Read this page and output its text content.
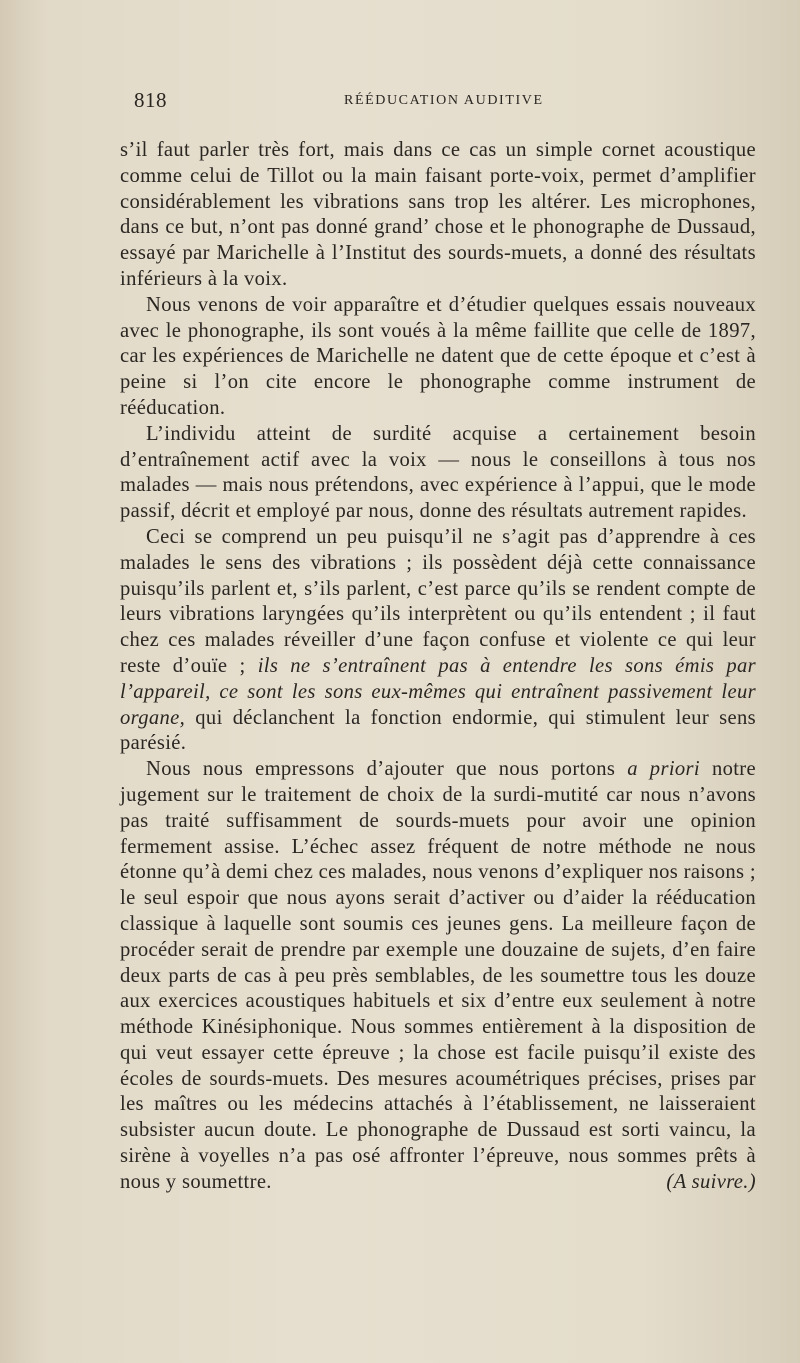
818	RÉÉDUCATION AUDITIVE

s’il faut parler très fort, mais dans ce cas un simple cornet acoustique comme celui de Tillot ou la main faisant porte-voix, permet d’amplifier considérablement les vibrations sans trop les altérer. Les microphones, dans ce but, n’ont pas donné grand’ chose et le phonographe de Dussaud, essayé par Marichelle à l’Institut des sourds-muets, a donné des résultats inférieurs à la voix.

Nous venons de voir apparaître et d’étudier quelques essais nouveaux avec le phonographe, ils sont voués à la même faillite que celle de 1897, car les expériences de Marichelle ne datent que de cette époque et c’est à peine si l’on cite encore le phonographe comme instrument de rééducation.

L’individu atteint de surdité acquise a certainement besoin d’entraînement actif avec la voix — nous le conseillons à tous nos malades — mais nous prétendons, avec expérience à l’appui, que le mode passif, décrit et employé par nous, donne des résultats autrement rapides.

Ceci se comprend un peu puisqu’il ne s’agit pas d’apprendre à ces malades le sens des vibrations ; ils possèdent déjà cette connaissance puisqu’ils parlent et, s’ils parlent, c’est parce qu’ils se rendent compte de leurs vibrations laryngées qu’ils interprètent ou qu’ils entendent ; il faut chez ces malades réveiller d’une façon confuse et violente ce qui leur reste d’ouïe ; ils ne s’entraînent pas à entendre les sons émis par l’appareil, ce sont les sons eux-mêmes qui entraînent passivement leur organe, qui déclanchent la fonction endormie, qui stimulent leur sens parésié.

Nous nous empressons d’ajouter que nous portons a priori notre jugement sur le traitement de choix de la surdi-mutité car nous n’avons pas traité suffisamment de sourds-muets pour avoir une opinion fermement assise. L’échec assez fréquent de notre méthode ne nous étonne qu’à demi chez ces malades, nous venons d’expliquer nos raisons ; le seul espoir que nous ayons serait d’activer ou d’aider la rééducation classique à laquelle sont soumis ces jeunes gens. La meilleure façon de procéder serait de prendre par exemple une douzaine de sujets, d’en faire deux parts de cas à peu près semblables, de les soumettre tous les douze aux exercices acoustiques habituels et six d’entre eux seulement à notre méthode Kinésiphonique. Nous sommes entièrement à la disposition de qui veut essayer cette épreuve ; la chose est facile puisqu’il existe des écoles de sourds-muets. Des mesures acoumétriques précises, prises par les maîtres ou les médecins attachés à l’établissement, ne laisseraient subsister aucun doute. Le phonographe de Dussaud est sorti vaincu, la sirène à voyelles n’a pas osé affronter l’épreuve, nous sommes prêts à nous y soumettre.	(A suivre.)
